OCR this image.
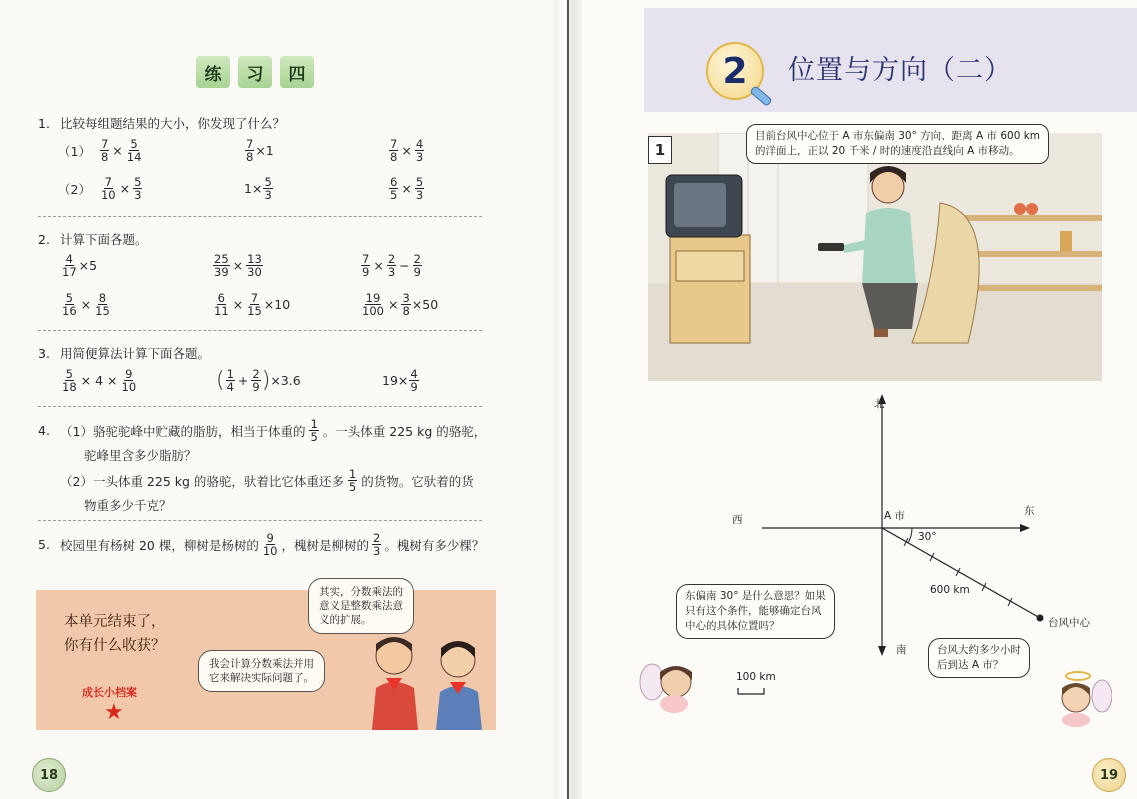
练	习	四
1. 比较每组题结果的大小，你发现了什么？
$(1) \frac{7}{8} \times \frac{5}{14}$	$\frac{7}{8} \times 1$	$\frac{7}{8} \times \frac{4}{3}$
$(2) \frac{7}{10} \times \frac{5}{3}$	$1\times \frac{5}{3}$	$\frac{6}{5} \times \frac{5}{3}$
2. 计算下面各题。
$\frac{4}{17} \times 5$	$\frac{25}{39} \times \frac{13}{30}$	$\frac{7}{9} \times \frac{2}{3} - \frac{2}{9}$
$\frac{5}{16} \times \frac{8}{15}$	$\frac{6}{11} \times \frac{7}{15} \times 10$	$\frac{19}{100} \times \frac{3}{8} \times 50$
3. 用简便算法计算下面各题。
$\frac{5}{18} \times 4 \times \frac{9}{10}$	( $\frac{1}{4} + \frac{2}{9}$ ) ×3.6	$19\times \frac{4}{9}$
4. （1）骆驼驼峰中贮藏的脂肪，相当于体重的 $\frac{1}{5}$ 。一头体重 225 kg 的骆驼，
驼峰里含多少脂肪？
（2）一头体重 225 kg 的骆驼，驮着比它体重还多 $\frac{1}{5}$ 的货物。它驮着的货
物重多少千克？
5. 校园里有杨树 20 棵，柳树是杨树的 $\frac{9}{10}$ ，槐树是柳树的 $\frac{2}{3}$ 。槐树有多少棵？
本单元结束了，
你有什么收获？
成长小档案
★
其实，分数乘法的
意义是整数乘法意
义的扩展。
我会计算分数乘法并用
它来解决实际问题了。
18
2	位置与方向（二）
1
目前台风中心位于 A 市东偏南 30° 方向、距离 A 市 600 km
的洋面上，正以 20 千米 / 时的速度沿直线向 A 市移动。
北
南
东
西	A 市
30°
600 km
台风中心
100 km
东偏南 30° 是什么意思？如果
只有这个条件，能够确定台风
中心的具体位置吗？
台风大约多少小时
后到达 A 市？
19
